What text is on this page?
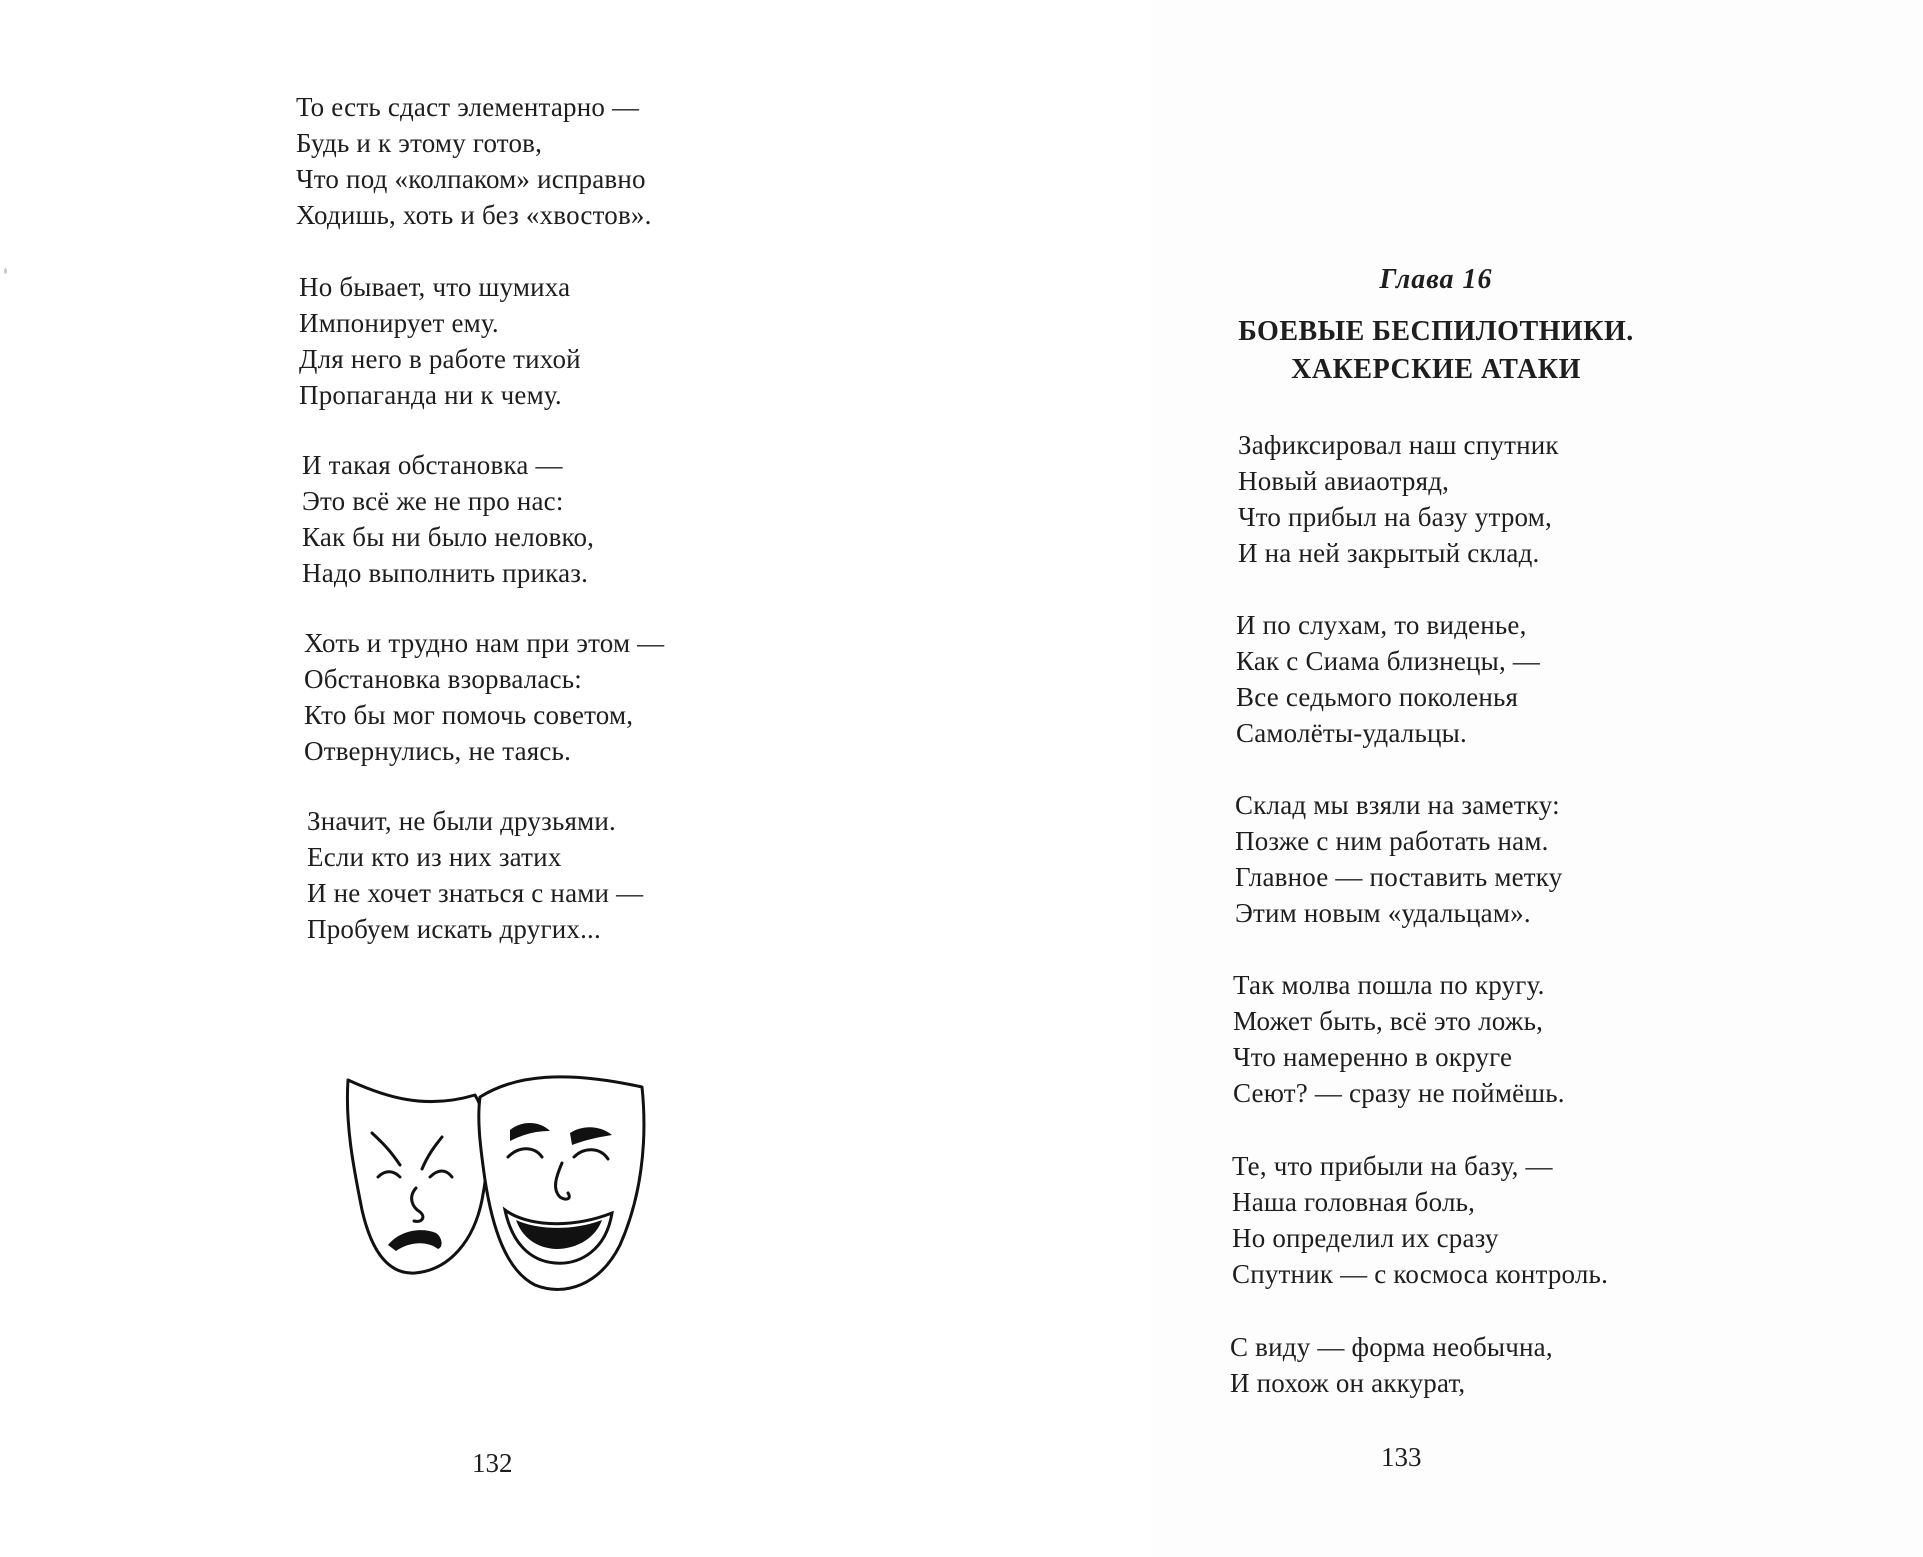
То есть сдаст элементарно —
Будь и к этому готов,
Что под «колпаком» исправно
Ходишь, хоть и без «хвостов».
Но бывает, что шумиха
Импонирует ему.
Для него в работе тихой
Пропаганда ни к чему.
И такая обстановка —
Это всё же не про нас:
Как бы ни было неловко,
Надо выполнить приказ.
Хоть и трудно нам при этом —
Обстановка взорвалась:
Кто бы мог помочь советом,
Отвернулись, не таясь.
Значит, не были друзьями.
Если кто из них затих
И не хочет знаться с нами —
Пробуем искать других...
132
Глава 16
БОЕВЫЕ БЕСПИЛОТНИКИ.
ХАКЕРСКИЕ АТАКИ
Зафиксировал наш спутник
Новый авиаотряд,
Что прибыл на базу утром,
И на ней закрытый склад.
И по слухам, то виденье,
Как с Сиама близнецы, —
Все седьмого поколенья
Самолёты-удальцы.
Склад мы взяли на заметку:
Позже с ним работать нам.
Главное — поставить метку
Этим новым «удальцам».
Так молва пошла по кругу.
Может быть, всё это ложь,
Что намеренно в округе
Сеют? — сразу не поймёшь.
Те, что прибыли на базу, —
Наша головная боль,
Но определил их сразу
Спутник — с космоса контроль.
С виду — форма необычна,
И похож он аккурат,
133
